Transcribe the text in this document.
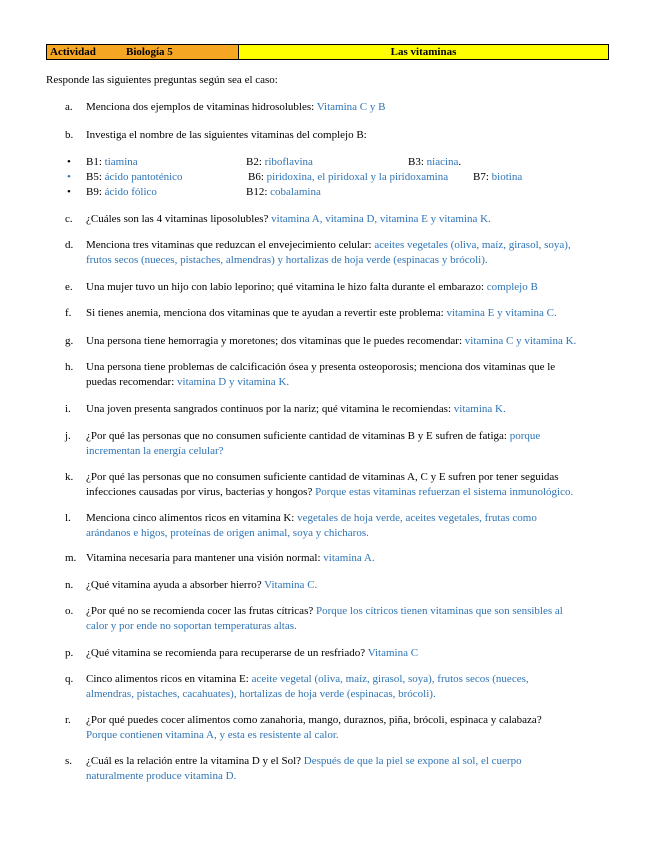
Actividad	Biología 5	Las vitaminas
Responde las siguientes preguntas según sea el caso:
a. Menciona dos ejemplos de vitaminas hidrosolubles: Vitamina C y B
b. Investiga el nombre de las siguientes vitaminas del complejo B:
• B1: tiamina	B2: riboflavina	B3: niacina.
• B5: ácido pantoténico	B6: piridoxina, el piridoxal y la piridoxamina B7: biotina
• B9: ácido fólico	B12: cobalamina
c. ¿Cuáles son las 4 vitaminas liposolubles? vitamina A, vitamina D, vitamina E y vitamina K.
d. Menciona tres vitaminas que reduzcan el envejecimiento celular: aceites vegetales (oliva, maíz, girasol, soya),
frutos secos (nueces, pistaches, almendras) y hortalizas de hoja verde (espinacas y brócoli).
e. Una mujer tuvo un hijo con labio leporino; qué vitamina le hizo falta durante el embarazo: complejo B
f. Si tienes anemia, menciona dos vitaminas que te ayudan a revertir este problema: vitamina E y vitamina C.
g. Una persona tiene hemorragia y moretones; dos vitaminas que le puedes recomendar: vitamina C y vitamina K.
h. Una persona tiene problemas de calcificación ósea y presenta osteoporosis; menciona dos vitaminas que le
puedas recomendar: vitamina D y vitamina K.
i. Una joven presenta sangrados continuos por la nariz; qué vitamina le recomiendas: vitamina K.
j. ¿Por qué las personas que no consumen suficiente cantidad de vitaminas B y E sufren de fatiga: porque
incrementan la energía celular?
k. ¿Por qué las personas que no consumen suficiente cantidad de vitaminas A, C y E sufren por tener seguidas
infecciones causadas por virus, bacterias y hongos? Porque estas vitaminas refuerzan el sistema inmunológico.
l. Menciona cinco alimentos ricos en vitamina K: vegetales de hoja verde, aceites vegetales, frutas como
arándanos e higos, proteínas de origen animal, soya y chicharos.
m. Vitamina necesaria para mantener una visión normal: vitamina A.
n. ¿Qué vitamina ayuda a absorber hierro? Vitamina C.
o. ¿Por qué no se recomienda cocer las frutas cítricas? Porque los cítricos tienen vitaminas que son sensibles al
calor y por ende no soportan temperaturas altas.
p. ¿Qué vitamina se recomienda para recuperarse de un resfriado? Vitamina C
q. Cinco alimentos ricos en vitamina E: aceite vegetal (oliva, maíz, girasol, soya), frutos secos (nueces,
almendras, pistaches, cacahuates), hortalizas de hoja verde (espinacas, brócoli).
r. ¿Por qué puedes cocer alimentos como zanahoria, mango, duraznos, piña, brócoli, espinaca y calabaza?
Porque contienen vitamina A, y esta es resistente al calor.
s. ¿Cuál es la relación entre la vitamina D y el Sol? Después de que la piel se expone al sol, el cuerpo
naturalmente produce vitamina D.
